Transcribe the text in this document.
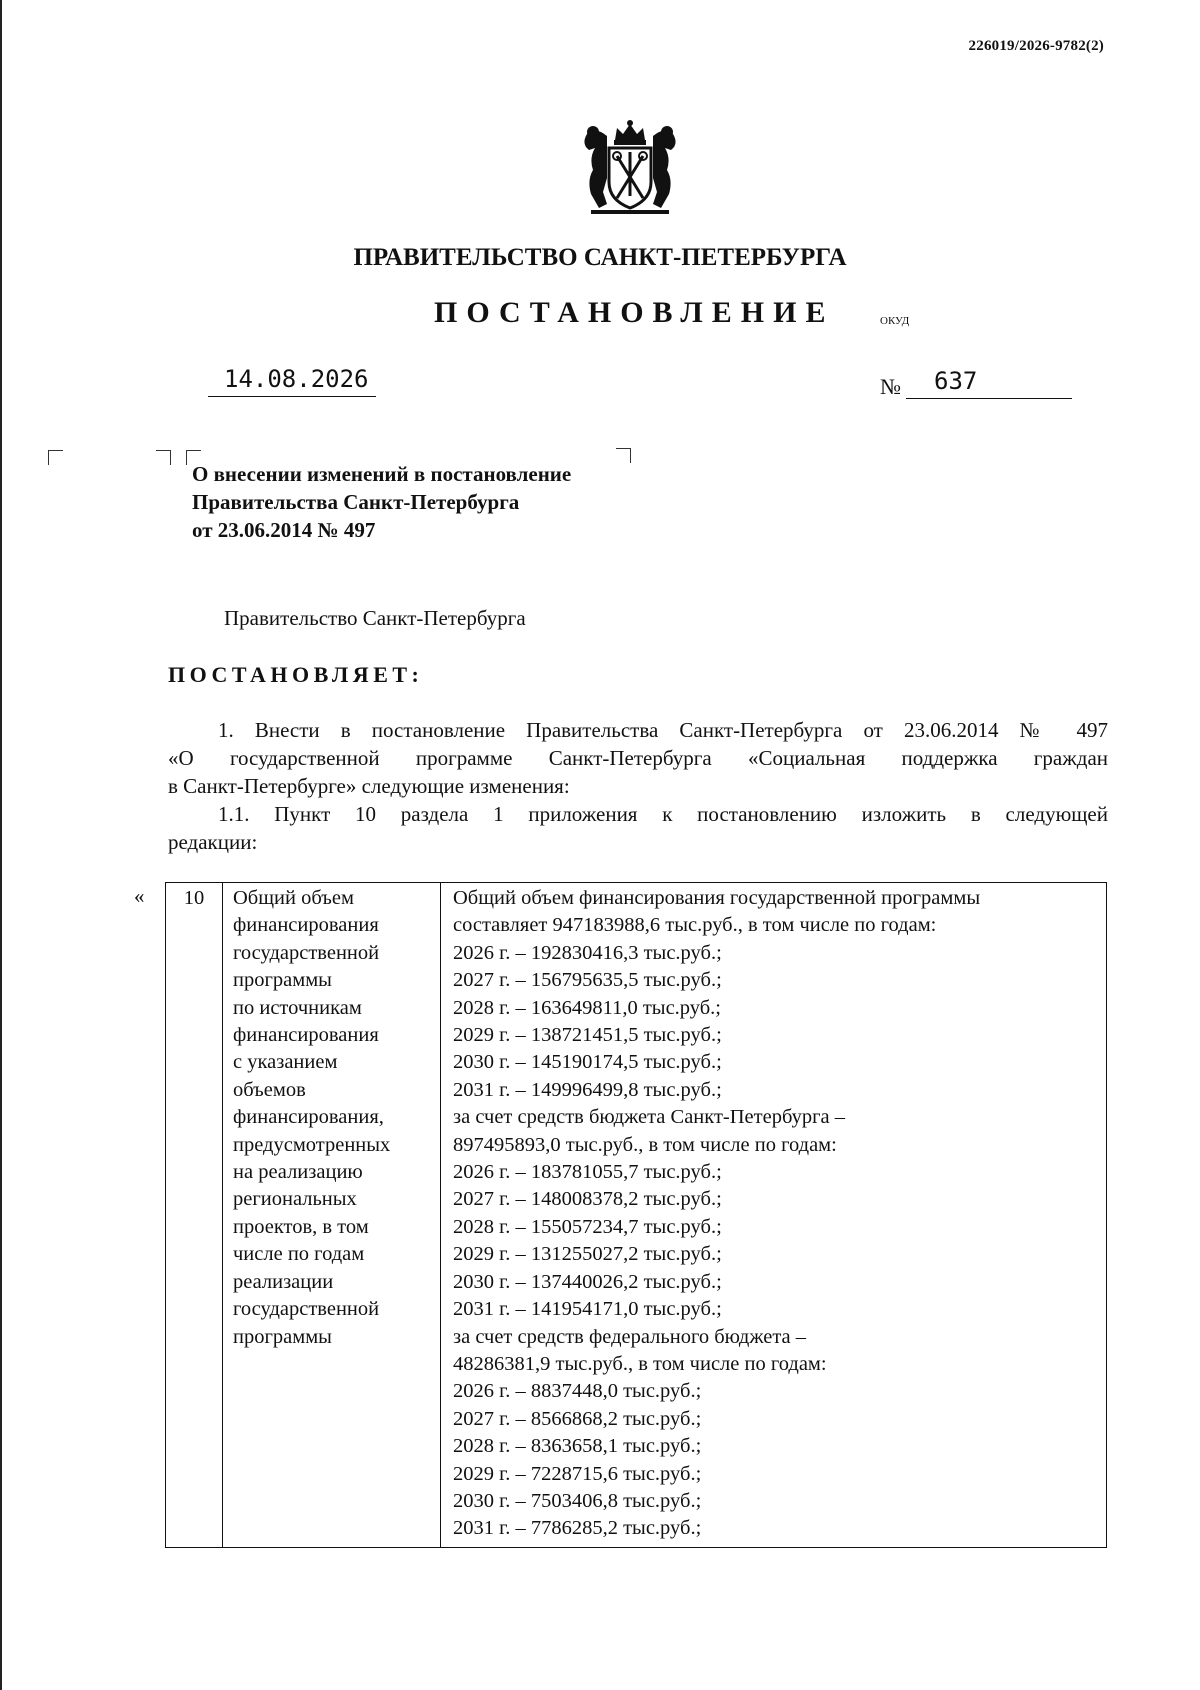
226019/2026-9782(2)
ПРАВИТЕЛЬСТВО САНКТ-ПЕТЕРБУРГА
ПОСТАНОВЛЕНИЕ	ОКУД
14.08.2026	№	637
О внесении изменений в постановление
Правительства Санкт-Петербурга
от 23.06.2014 № 497
Правительство Санкт-Петербурга
ПОСТАНОВЛЯЕТ:
1. Внести в постановление Правительства Санкт-Петербурга от 23.06.2014 № 497
«О государственной программе Санкт-Петербурга «Социальная поддержка граждан
в Санкт-Петербурге» следующие изменения:
1.1. Пункт 10 раздела 1 приложения к постановлению изложить в следующей
редакции:
« 10	Общий объем
финансирования
государственной
программы
по источникам
финансирования
с указанием
объемов
финансирования,
предусмотренных
на реализацию
региональных
проектов, в том
числе по годам
реализации
государственной
программы

Общий объем финансирования государственной программы
составляет 947183988,6 тыс.руб., в том числе по годам:
2026 г. – 192830416,3 тыс.руб.;
2027 г. – 156795635,5 тыс.руб.;
2028 г. – 163649811,0 тыс.руб.;
2029 г. – 138721451,5 тыс.руб.;
2030 г. – 145190174,5 тыс.руб.;
2031 г. – 149996499,8 тыс.руб.;
за счет средств бюджета Санкт-Петербурга –
897495893,0 тыс.руб., в том числе по годам:
2026 г. – 183781055,7 тыс.руб.;
2027 г. – 148008378,2 тыс.руб.;
2028 г. – 155057234,7 тыс.руб.;
2029 г. – 131255027,2 тыс.руб.;
2030 г. – 137440026,2 тыс.руб.;
2031 г. – 141954171,0 тыс.руб.;
за счет средств федерального бюджета –
48286381,9 тыс.руб., в том числе по годам:
2026 г. – 8837448,0 тыс.руб.;
2027 г. – 8566868,2 тыс.руб.;
2028 г. – 8363658,1 тыс.руб.;
2029 г. – 7228715,6 тыс.руб.;
2030 г. – 7503406,8 тыс.руб.;
2031 г. – 7786285,2 тыс.руб.;
